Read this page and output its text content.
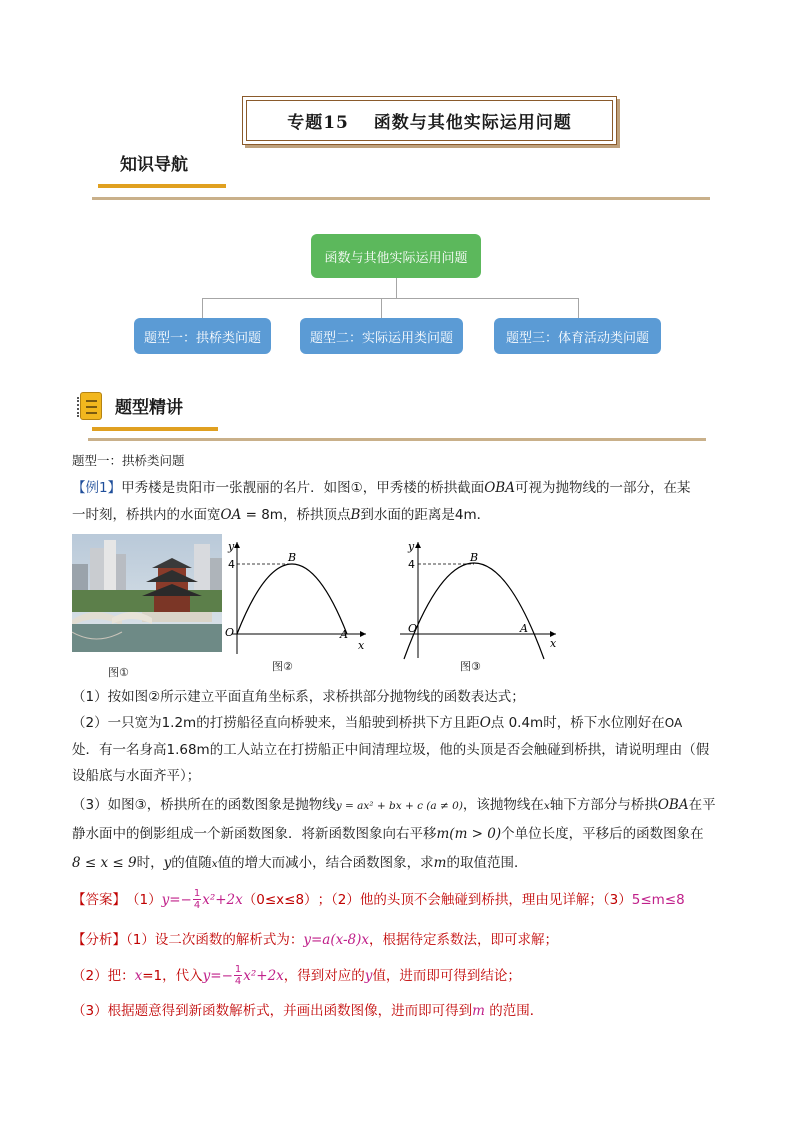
专题15　 函数与其他实际运用问题
知识导航
函数与其他实际运用问题
题型一：拱桥类问题	题型二：实际运用类问题	题型三：体育活动类问题
题型精讲
题型一：拱桥类问题
【例1】甲秀楼是贵阳市一张靓丽的名片．如图①，甲秀楼的桥拱截面OBA可视为抛物线的一部分，在某
一时刻，桥拱内的水面宽OA = 8m，桥拱顶点B到水面的距离是4m．
图①
y
x
4
B
O	A
图②
y
x
4
B
O	A
图③
（1）按如图②所示建立平面直角坐标系，求桥拱部分抛物线的函数表达式；
（2）一只宽为1.2m的打捞船径直向桥驶来，当船驶到桥拱下方且距O点 0.4m时，桥下水位刚好在OA
处．有一名身高1.68m的工人站立在打捞船正中间清理垃圾，他的头顶是否会触碰到桥拱，请说明理由（假
设船底与水面齐平）；
（3）如图③，桥拱所在的函数图象是抛物线y = ax² + bx + c (a ≠ 0)，该抛物线在x轴下方部分与桥拱OBA在平
静水面中的倒影组成一个新函数图象．将新函数图象向右平移m(m > 0)个单位长度，平移后的函数图象在
8 ≤ x ≤ 9时，y的值随x值的增大而减小，结合函数图象，求m的取值范围．
【答案】 （1） $y=- \frac{1}{4} x^2+2x$ （0≤x≤8） ；（2）他的头顶不会触碰到桥拱，理由见详解；（3） 5≤m≤8
【分析】（1）设二次函数的解析式为：y=a(x-8)x，根据待定系数法，即可求解；
（2）把： x =1，代入 $y=- \frac{1}{4} x^2+2x$ ，得到对应的 y 值，进而即可得到结论；
（3）根据题意得到新函数解析式，并画出函数图像，进而即可得到m 的范围．
